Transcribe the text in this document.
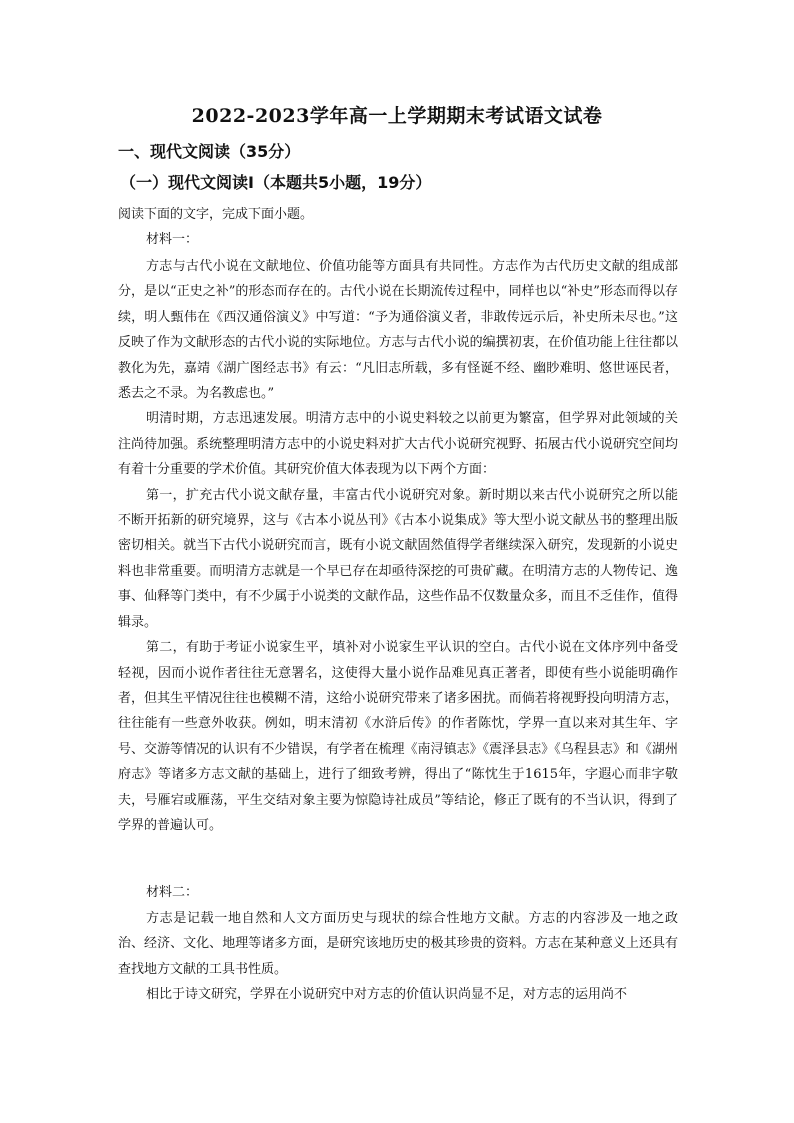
2022-2023学年高一上学期期末考试语文试卷
一、现代文阅读（35分）
（一）现代文阅读Ⅰ（本题共5小题，19分）
阅读下面的文字，完成下面小题。
材料一：

方志与古代小说在文献地位、价值功能等方面具有共同性。方志作为古代历史文献的组成部分，是以“正史之补”的形态而存在的。古代小说在长期流传过程中，同样也以“补史”形态而得以存续，明人甄伟在《西汉通俗演义》中写道：“予为通俗演义者，非敢传远示后，补史所未尽也。”这反映了作为文献形态的古代小说的实际地位。方志与古代小说的编撰初衷，在价值功能上往往都以教化为先，嘉靖《湖广图经志书》有云：“凡旧志所载，多有怪诞不经、幽眇难明、悠世诬民者，悉去之不录。为名教虑也。”

明清时期，方志迅速发展。明清方志中的小说史料较之以前更为繁富，但学界对此领域的关注尚待加强。系统整理明清方志中的小说史料对扩大古代小说研究视野、拓展古代小说研究空间均有着十分重要的学术价值。其研究价值大体表现为以下两个方面：

第一，扩充古代小说文献存量，丰富古代小说研究对象。新时期以来古代小说研究之所以能不断开拓新的研究境界，这与《古本小说丛刊》《古本小说集成》等大型小说文献丛书的整理出版密切相关。就当下古代小说研究而言，既有小说文献固然值得学者继续深入研究，发现新的小说史料也非常重要。而明清方志就是一个早已存在却亟待深挖的可贵矿藏。在明清方志的人物传记、逸事、仙释等门类中，有不少属于小说类的文献作品，这些作品不仅数量众多，而且不乏佳作，值得辑录。

第二，有助于考证小说家生平，填补对小说家生平认识的空白。古代小说在文体序列中备受轻视，因而小说作者往往无意署名，这使得大量小说作品难见真正著者，即使有些小说能明确作者，但其生平情况往往也模糊不清，这给小说研究带来了诸多困扰。而倘若将视野投向明清方志，往往能有一些意外收获。例如，明末清初《水浒后传》的作者陈忱，学界一直以来对其生年、字号、交游等情况的认识有不少错误，有学者在梳理《南浔镇志》《震泽县志》《乌程县志》和《湖州府志》等诸多方志文献的基础上，进行了细致考辨，得出了“陈忱生于1615年，字遐心而非字敬夫，号雁宕或雁荡，平生交结对象主要为惊隐诗社成员”等结论，修正了既有的不当认识，得到了学界的普遍认可。

材料二：

方志是记载一地自然和人文方面历史与现状的综合性地方文献。方志的内容涉及一地之政治、经济、文化、地理等诸多方面，是研究该地历史的极其珍贵的资料。方志在某种意义上还具有查找地方文献的工具书性质。

相比于诗文研究，学界在小说研究中对方志的价值认识尚显不足，对方志的运用尚不
